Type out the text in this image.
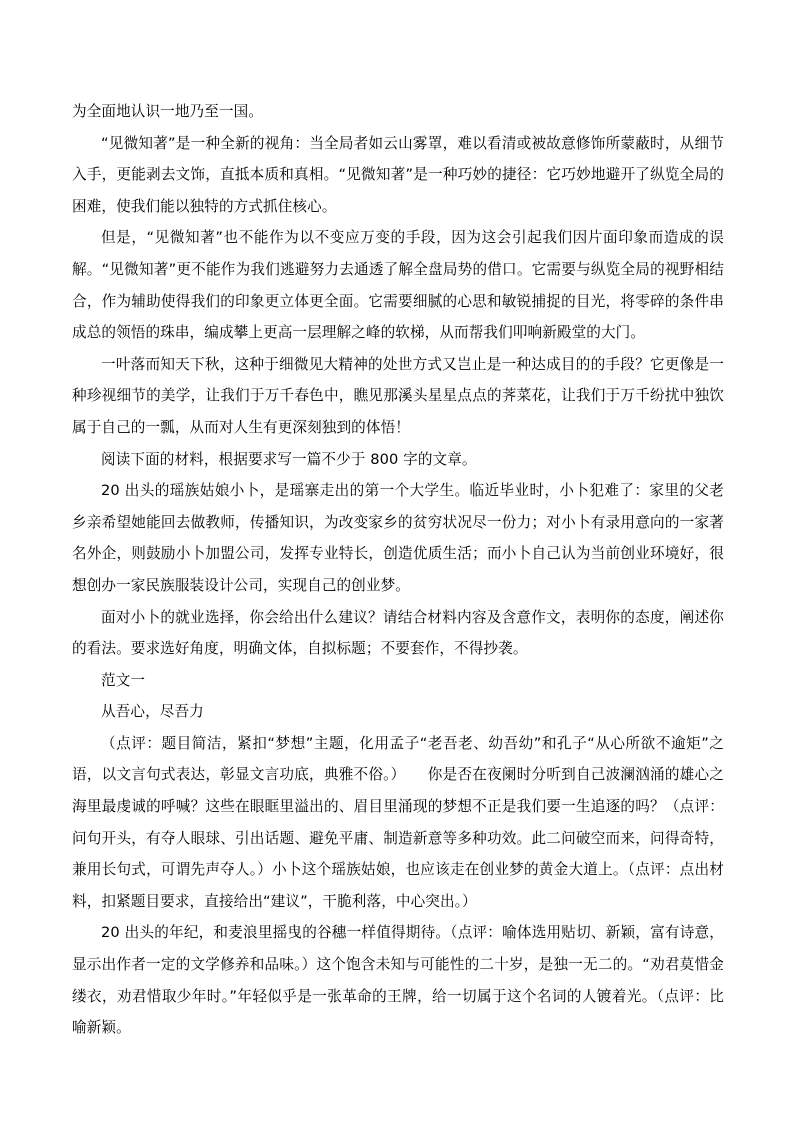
为全面地认识一地乃至一国。

“见微知著”是一种全新的视角：当全局者如云山雾罩，难以看清或被故意修饰所蒙蔽时，从细节入手，更能剥去文饰，直抵本质和真相。“见微知著”是一种巧妙的捷径：它巧妙地避开了纵览全局的困难，使我们能以独特的方式抓住核心。

但是，“见微知著”也不能作为以不变应万变的手段，因为这会引起我们因片面印象而造成的误解。“见微知著”更不能作为我们逃避努力去通透了解全盘局势的借口。它需要与纵览全局的视野相结合，作为辅助使得我们的印象更立体更全面。它需要细腻的心思和敏锐捕捉的目光，将零碎的条件串成总的领悟的珠串，编成攀上更高一层理解之峰的软梯，从而帮我们叩响新殿堂的大门。

一叶落而知天下秋，这种于细微见大精神的处世方式又岂止是一种达成目的的手段？它更像是一种珍视细节的美学，让我们于万千春色中，瞧见那溪头星星点点的荠菜花，让我们于万千纷扰中独饮属于自己的一瓢，从而对人生有更深刻独到的体悟！

阅读下面的材料，根据要求写一篇不少于 800 字的文章。

20 出头的瑶族姑娘小卜，是瑶寨走出的第一个大学生。临近毕业时，小卜犯难了：家里的父老乡亲希望她能回去做教师，传播知识，为改变家乡的贫穷状况尽一份力；对小卜有录用意向的一家著名外企，则鼓励小卜加盟公司，发挥专业特长，创造优质生活；而小卜自己认为当前创业环境好，很想创办一家民族服装设计公司，实现自己的创业梦。

面对小卜的就业选择，你会给出什么建议？请结合材料内容及含意作文，表明你的态度，阐述你的看法。要求选好角度，明确文体，自拟标题；不要套作，不得抄袭。

范文一

从吾心，尽吾力

（点评：题目简洁，紧扣“梦想”主题，化用孟子“老吾老、幼吾幼”和孔子“从心所欲不逾矩”之语，以文言句式表达，彰显文言功底，典雅不俗。）　　你是否在夜阑时分听到自己波澜汹涌的雄心之海里最虔诚的呼喊？这些在眼眶里溢出的、眉目里涌现的梦想不正是我们要一生追逐的吗？（点评：问句开头，有夺人眼球、引出话题、避免平庸、制造新意等多种功效。此二问破空而来，问得奇特，兼用长句式，可谓先声夺人。）小卜这个瑶族姑娘，也应该走在创业梦的黄金大道上。（点评：点出材料，扣紧题目要求，直接给出“建议”，干脆利落，中心突出。）

20 出头的年纪，和麦浪里摇曳的谷穗一样值得期待。（点评：喻体选用贴切、新颖，富有诗意，显示出作者一定的文学修养和品味。）这个饱含未知与可能性的二十岁，是独一无二的。“劝君莫惜金缕衣，劝君惜取少年时。”年轻似乎是一张革命的王牌，给一切属于这个名词的人镀着光。（点评：比喻新颖。
